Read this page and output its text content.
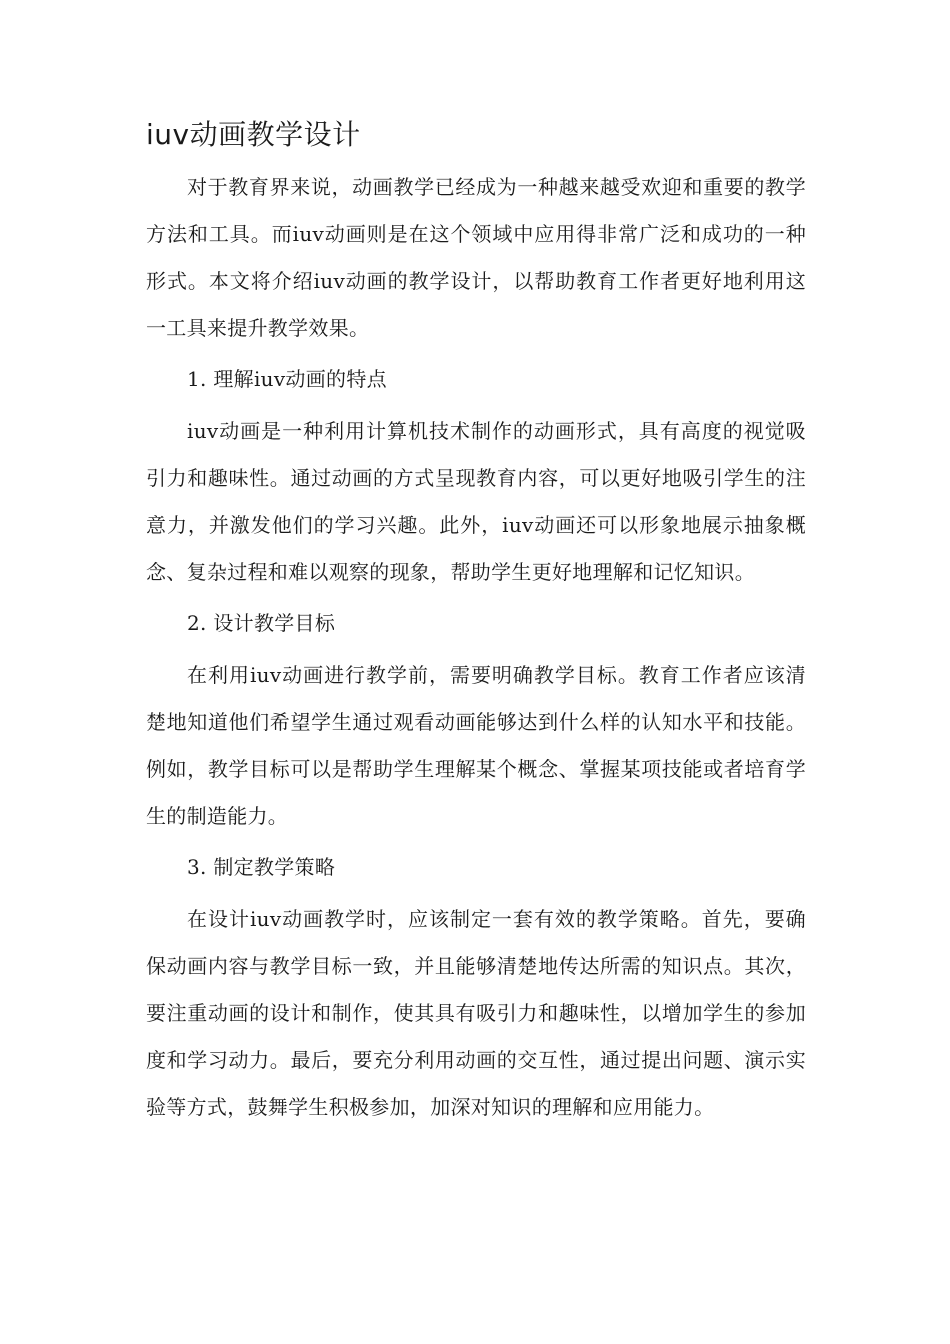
iuv动画教学设计

对于教育界来说，动画教学已经成为一种越来越受欢迎和重要的教学方法和工具。而iuv动画则是在这个领域中应用得非常广泛和成功的一种形式。本文将介绍iuv动画的教学设计，以帮助教育工作者更好地利用这一工具来提升教学效果。

1. 理解iuv动画的特点

iuv动画是一种利用计算机技术制作的动画形式，具有高度的视觉吸引力和趣味性。通过动画的方式呈现教育内容，可以更好地吸引学生的注意力，并激发他们的学习兴趣。此外，iuv动画还可以形象地展示抽象概念、复杂过程和难以观察的现象，帮助学生更好地理解和记忆知识。

2. 设计教学目标

在利用iuv动画进行教学前，需要明确教学目标。教育工作者应该清楚地知道他们希望学生通过观看动画能够达到什么样的认知水平和技能。例如，教学目标可以是帮助学生理解某个概念、掌握某项技能或者培育学生的制造能力。

3. 制定教学策略

在设计iuv动画教学时，应该制定一套有效的教学策略。首先，要确保动画内容与教学目标一致，并且能够清楚地传达所需的知识点。其次，要注重动画的设计和制作，使其具有吸引力和趣味性，以增加学生的参加度和学习动力。最后，要充分利用动画的交互性，通过提出问题、演示实验等方式，鼓舞学生积极参加，加深对知识的理解和应用能力。
